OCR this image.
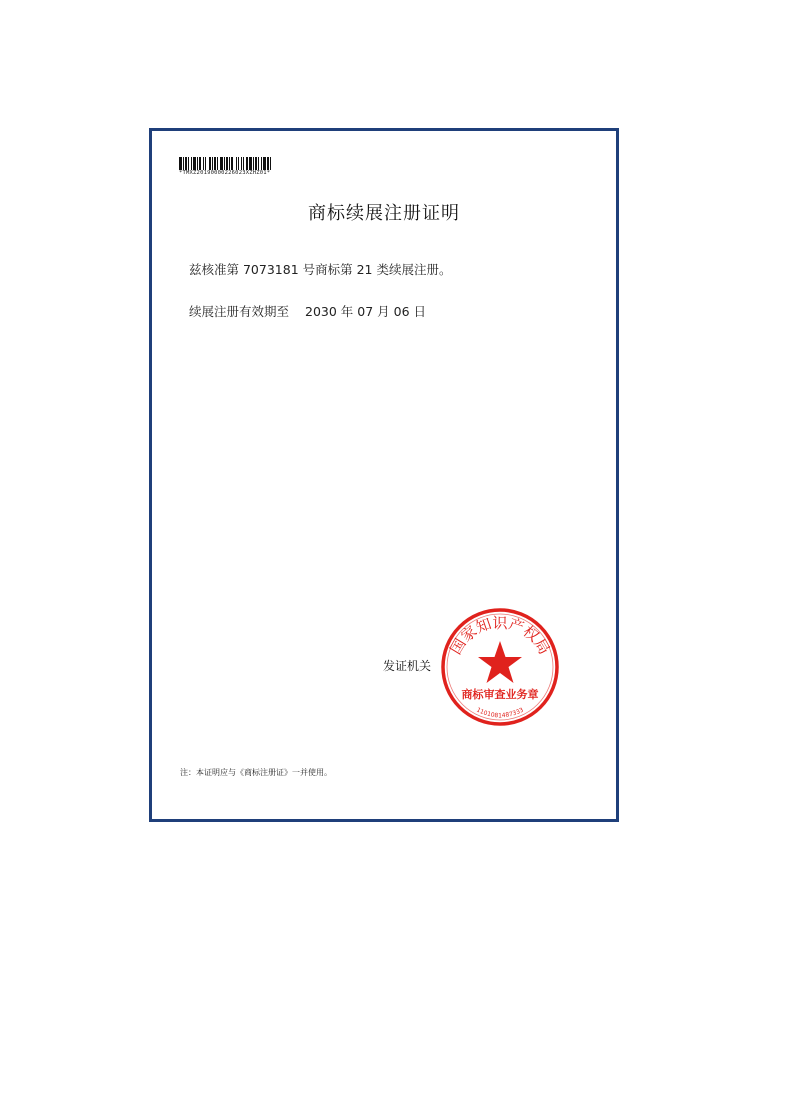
*TMXZ2019000022602​3XZHZ01*
商标续展注册证明
兹核准第 7073181 号商标第 21 类续展注册。
续展注册有效期至 2030 年 07 月 06 日
发证机关
国家知识产权局
商标审查业务章
1101081487333
注：本证明应与《商标注册证》一并使用。
